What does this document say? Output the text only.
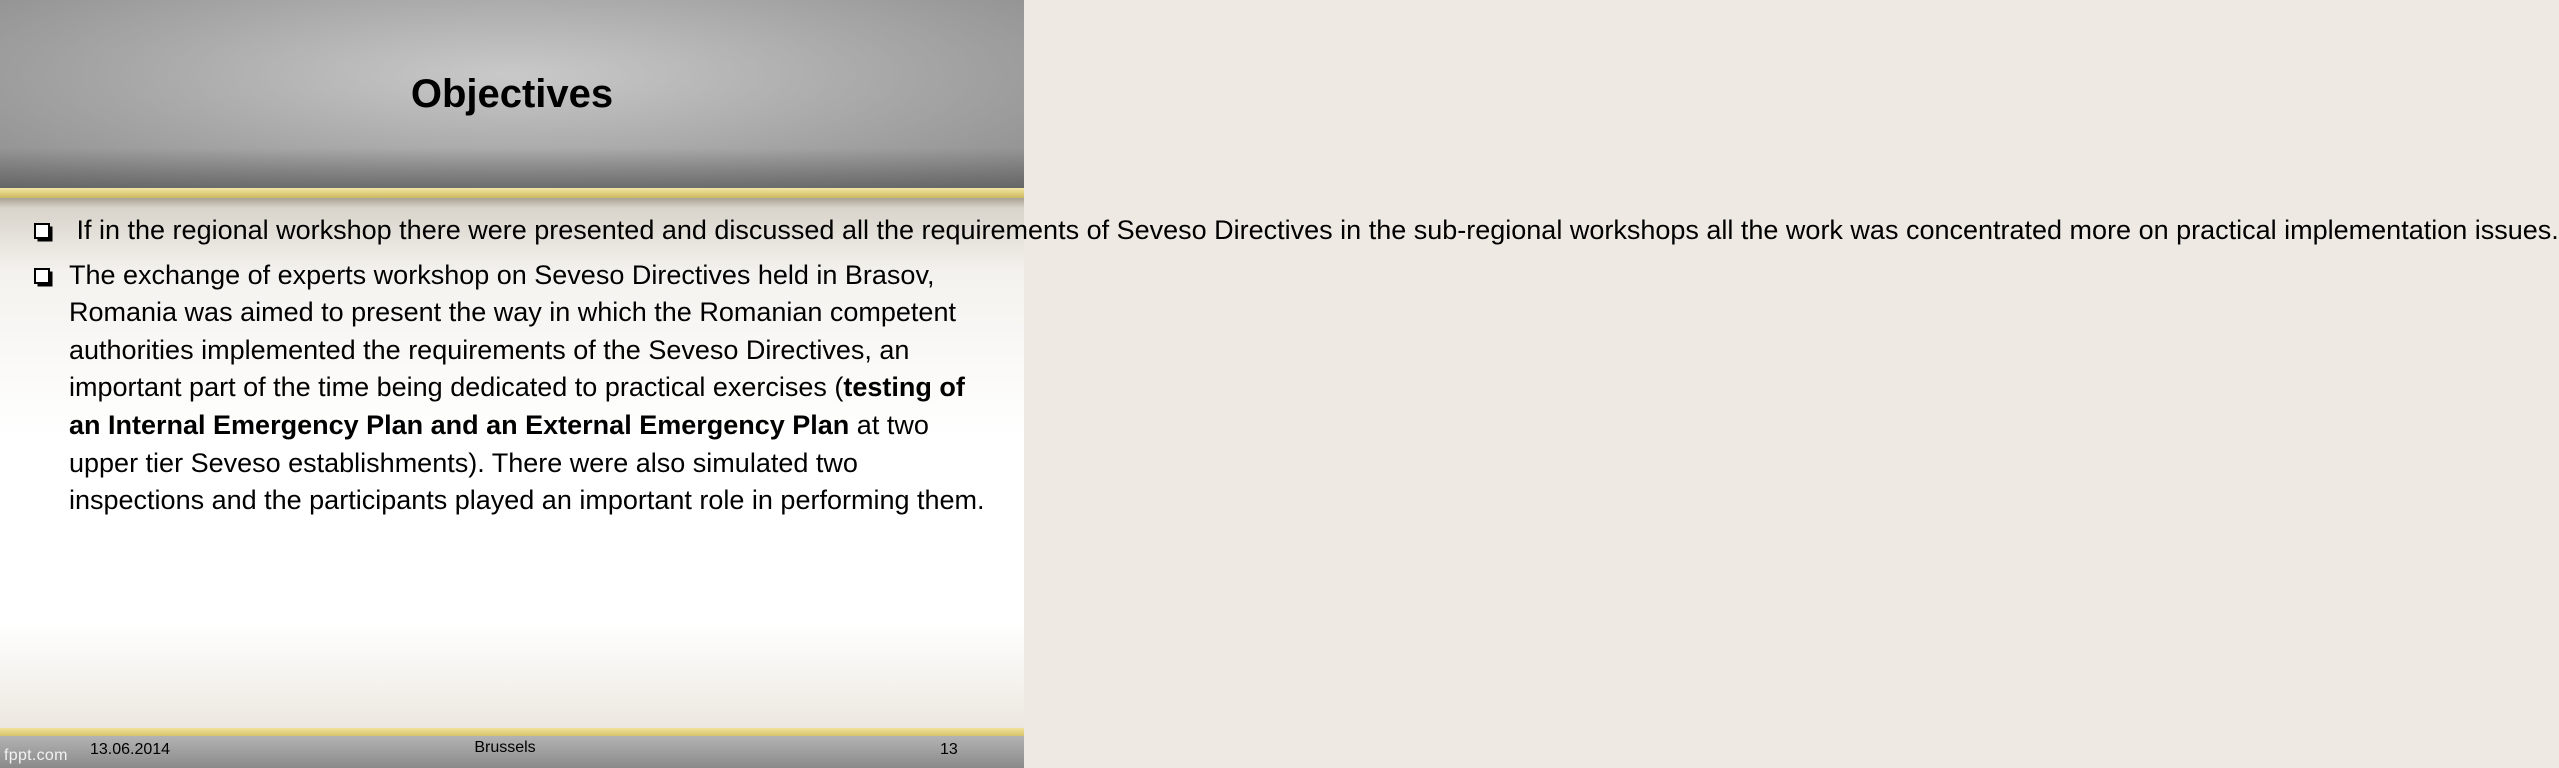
Objectives
If in the regional workshop there were presented and discussed all the requirements of Seveso Directives in the sub-regional workshops all the work was concentrated more on practical implementation issues.
The exchange of experts workshop on Seveso Directives held in Brasov, Romania was aimed to present the way in which the Romanian competent authorities implemented the requirements of the Seveso Directives, an important part of the time being dedicated to practical exercises (testing of an Internal Emergency Plan and an External Emergency Plan at two upper tier Seveso establishments). There were also simulated two inspections and the participants played an important role in performing them.
fppt.com 13.06.2014	Brussels	13
